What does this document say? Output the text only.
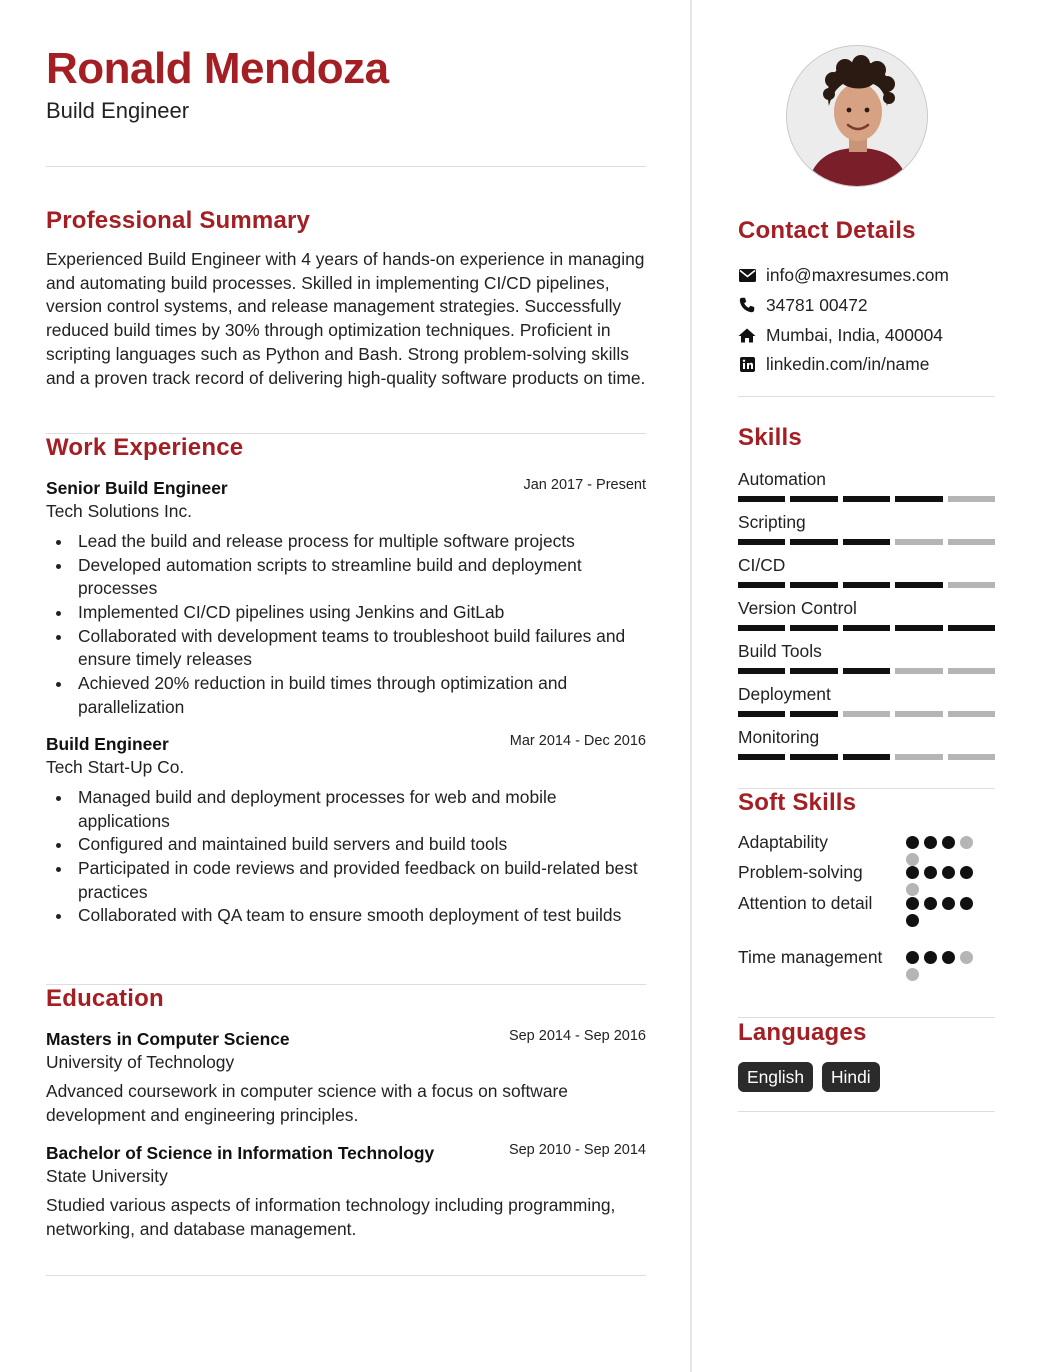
Ronald Mendoza
Build Engineer
Professional Summary
Experienced Build Engineer with 4 years of hands-on experience in managing and automating build processes. Skilled in implementing CI/CD pipelines, version control systems, and release management strategies. Successfully reduced build times by 30% through optimization techniques. Proficient in scripting languages such as Python and Bash. Strong problem-solving skills and a proven track record of delivering high-quality software products on time.
Work Experience
Senior Build Engineer	Jan 2017 - Present
Tech Solutions Inc.
Lead the build and release process for multiple software projects
Developed automation scripts to streamline build and deployment processes
Implemented CI/CD pipelines using Jenkins and GitLab
Collaborated with development teams to troubleshoot build failures and ensure timely releases
Achieved 20% reduction in build times through optimization and parallelization
Build Engineer	Mar 2014 - Dec 2016
Tech Start-Up Co.
Managed build and deployment processes for web and mobile applications
Configured and maintained build servers and build tools
Participated in code reviews and provided feedback on build-related best practices
Collaborated with QA team to ensure smooth deployment of test builds
Education
Masters in Computer Science	Sep 2014 - Sep 2016
University of Technology
Advanced coursework in computer science with a focus on software development and engineering principles.
Bachelor of Science in Information Technology	Sep 2010 - Sep 2014
State University
Studied various aspects of information technology including programming, networking, and database management.
Contact Details
info@maxresumes.com
34781 00472
Mumbai, India, 400004
linkedin.com/in/name
Skills
Automation
Scripting
CI/CD
Version Control
Build Tools
Deployment
Monitoring
Soft Skills
Adaptability
Problem-solving
Attention to detail
Time management
Languages
English	Hindi
